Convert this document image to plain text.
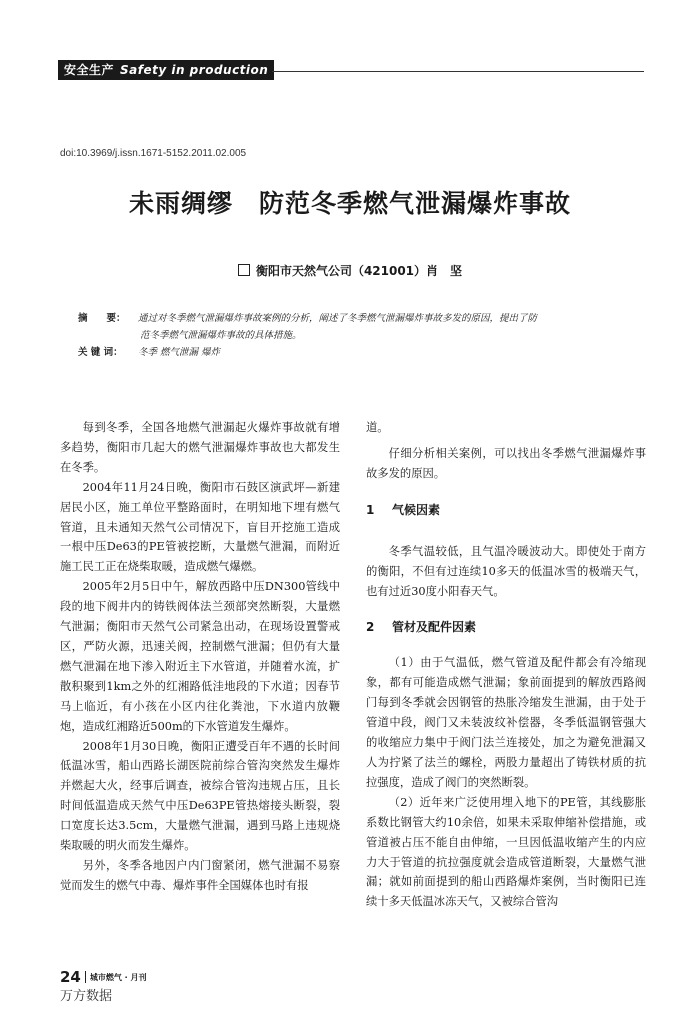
安全生产 Safety in production
doi:10.3969/j.issn.1671-5152.2011.02.005
未雨绸缪　防范冬季燃气泄漏爆炸事故
衡阳市天然气公司（421001）肖　坚
摘　　要：	通过对冬季燃气泄漏爆炸事故案例的分析，阐述了冬季燃气泄漏爆炸事故多发的原因，提出了防
范冬季燃气泄漏爆炸事故的具体措施。
关 键 词：	冬季 燃气泄漏 爆炸

每到冬季，全国各地燃气泄漏起火爆炸事故就有增多趋势，衡阳市几起大的燃气泄漏爆炸事故也大都发生在冬季。

2004年11月24日晚，衡阳市石鼓区演武坪—新建居民小区，施工单位平整路面时，在明知地下埋有燃气管道，且未通知天然气公司情况下，盲目开挖施工造成一根中压De63的PE管被挖断，大量燃气泄漏，而附近施工民工正在烧柴取暖，造成燃气爆燃。

2005年2月5日中午，解放西路中压DN300管线中段的地下阀井内的铸铁阀体法兰颈部突然断裂，大量燃气泄漏；衡阳市天然气公司紧急出动，在现场设置警戒区，严防火源，迅速关阀，控制燃气泄漏；但仍有大量燃气泄漏在地下渗入附近主下水管道，并随着水流，扩散积聚到1km之外的红湘路低洼地段的下水道；因春节马上临近，有小孩在小区内往化粪池，下水道内放鞭炮，造成红湘路近500m的下水管道发生爆炸。

2008年1月30日晚，衡阳正遭受百年不遇的长时间低温冰雪，船山西路长湖医院前综合管沟突然发生爆炸并燃起大火，经事后调查，被综合管沟违规占压，且长时间低温造成天然气中压De63PE管热熔接头断裂，裂口宽度长达3.5cm，大量燃气泄漏，遇到马路上违规烧柴取暖的明火而发生爆炸。

另外，冬季各地因户内门窗紧闭，燃气泄漏不易察觉而发生的燃气中毒、爆炸事件全国媒体也时有报

道。

仔细分析相关案例，可以找出冬季燃气泄漏爆炸事故多发的原因。

1 气候因素

冬季气温较低，且气温冷暖波动大。即使处于南方的衡阳，不但有过连续10多天的低温冰雪的极端天气，也有过近30度小阳春天气。

2 管材及配件因素

（1）由于气温低，燃气管道及配件都会有冷缩现象，都有可能造成燃气泄漏；象前面提到的解放西路阀门每到冬季就会因钢管的热胀冷缩发生泄漏，由于处于管道中段，阀门又未装波纹补偿器，冬季低温钢管强大的收缩应力集中于阀门法兰连接处，加之为避免泄漏又人为拧紧了法兰的螺栓，两股力量超出了铸铁材质的抗拉强度，造成了阀门的突然断裂。

（2）近年来广泛使用埋入地下的PE管，其线膨胀系数比钢管大约10余倍，如果未采取伸缩补偿措施，或管道被占压不能自由伸缩，一旦因低温收缩产生的内应力大于管道的抗拉强度就会造成管道断裂，大量燃气泄漏；就如前面提到的船山西路爆炸案例，当时衡阳已连续十多天低温冰冻天气，又被综合管沟

24 城市燃气 · 月刊
万方数据
